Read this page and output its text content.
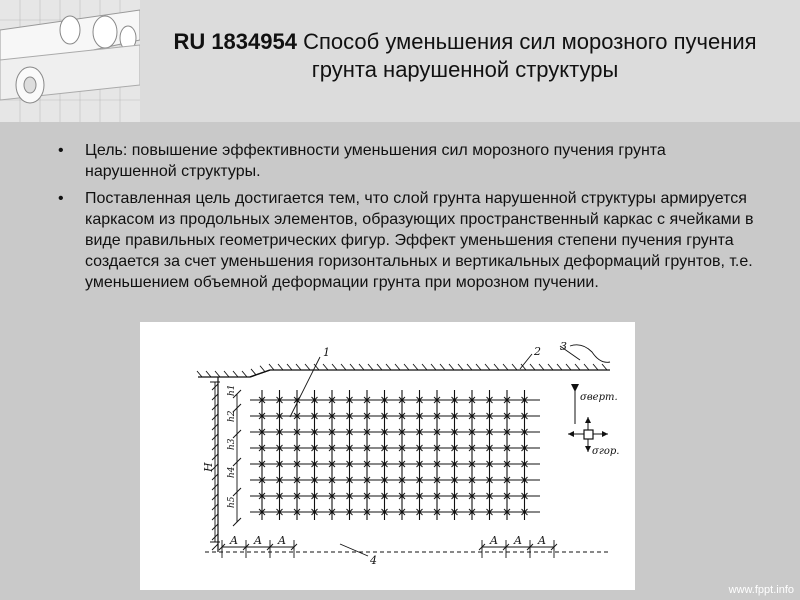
RU 1834954 Способ уменьшения сил морозного пучения грунта нарушенной структуры
• Цель: повышение эффективности уменьшения сил морозного пучения грунта нарушенной структуры.
• Поставленная цель достигается тем, что слой грунта нарушенной структуры армируется каркасом из продольных элементов, образующих пространственный каркас с ячейками в виде правильных геометрических фигур. Эффект уменьшения степени пучения грунта создается за счет уменьшения горизонтальных и вертикальных деформаций грунтов, т.е. уменьшением объемной деформации грунта при морозном пучении.
1	2 3
4
H
h1
h2
h3
h4
h5
σверт.
σгор.
A A A	A A A
www.fppt.info
